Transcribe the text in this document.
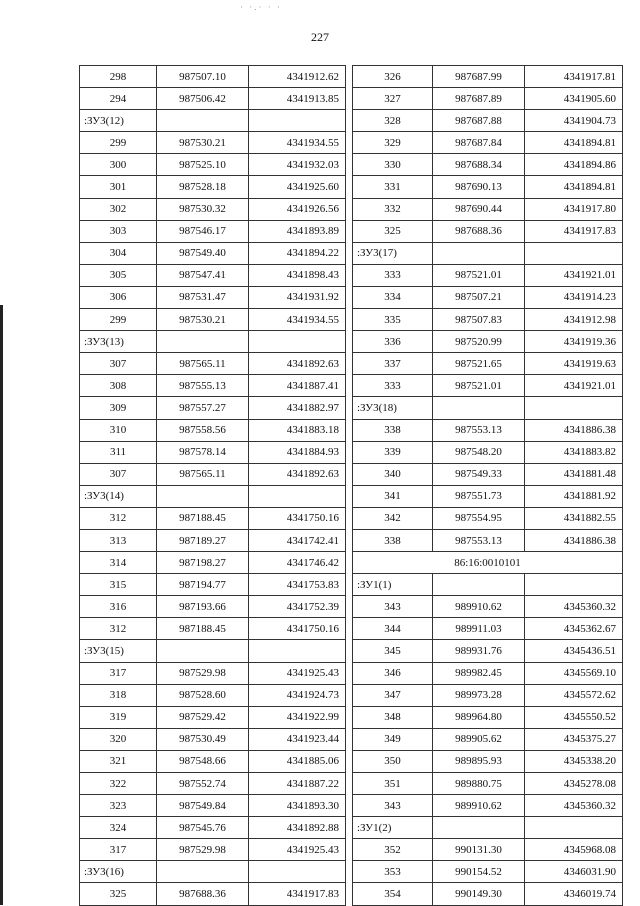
· ·.· · ·
227
298	987507.10	4341912.62
294	987506.42	4341913.85
:ЗУ3(12)		
299	987530.21	4341934.55
300	987525.10	4341932.03
301	987528.18	4341925.60
302	987530.32	4341926.56
303	987546.17	4341893.89
304	987549.40	4341894.22
305	987547.41	4341898.43
306	987531.47	4341931.92
299	987530.21	4341934.55
:ЗУ3(13)		
307	987565.11	4341892.63
308	987555.13	4341887.41
309	987557.27	4341882.97
310	987558.56	4341883.18
311	987578.14	4341884.93
307	987565.11	4341892.63
:ЗУ3(14)		
312	987188.45	4341750.16
313	987189.27	4341742.41
314	987198.27	4341746.42
315	987194.77	4341753.83
316	987193.66	4341752.39
312	987188.45	4341750.16
:ЗУ3(15)		
317	987529.98	4341925.43
318	987528.60	4341924.73
319	987529.42	4341922.99
320	987530.49	4341923.44
321	987548.66	4341885.06
322	987552.74	4341887.22
323	987549.84	4341893.30
324	987545.76	4341892.88
317	987529.98	4341925.43
:ЗУ3(16)		
325	987688.36	4341917.83
326	987687.99	4341917.81
327	987687.89	4341905.60
328	987687.88	4341904.73
329	987687.84	4341894.81
330	987688.34	4341894.86
331	987690.13	4341894.81
332	987690.44	4341917.80
325	987688.36	4341917.83
:ЗУ3(17)		
333	987521.01	4341921.01
334	987507.21	4341914.23
335	987507.83	4341912.98
336	987520.99	4341919.36
337	987521.65	4341919.63
333	987521.01	4341921.01
:ЗУ3(18)		
338	987553.13	4341886.38
339	987548.20	4341883.82
340	987549.33	4341881.48
341	987551.73	4341881.92
342	987554.95	4341882.55
338	987553.13	4341886.38
86:16:0010101		
:ЗУ1(1)		
343	989910.62	4345360.32
344	989911.03	4345362.67
345	989931.76	4345436.51
346	989982.45	4345569.10
347	989973.28	4345572.62
348	989964.80	4345550.52
349	989905.62	4345375.27
350	989895.93	4345338.20
351	989880.75	4345278.08
343	989910.62	4345360.32
:ЗУ1(2)		
352	990131.30	4345968.08
353	990154.52	4346031.90
354	990149.30	4346019.74
